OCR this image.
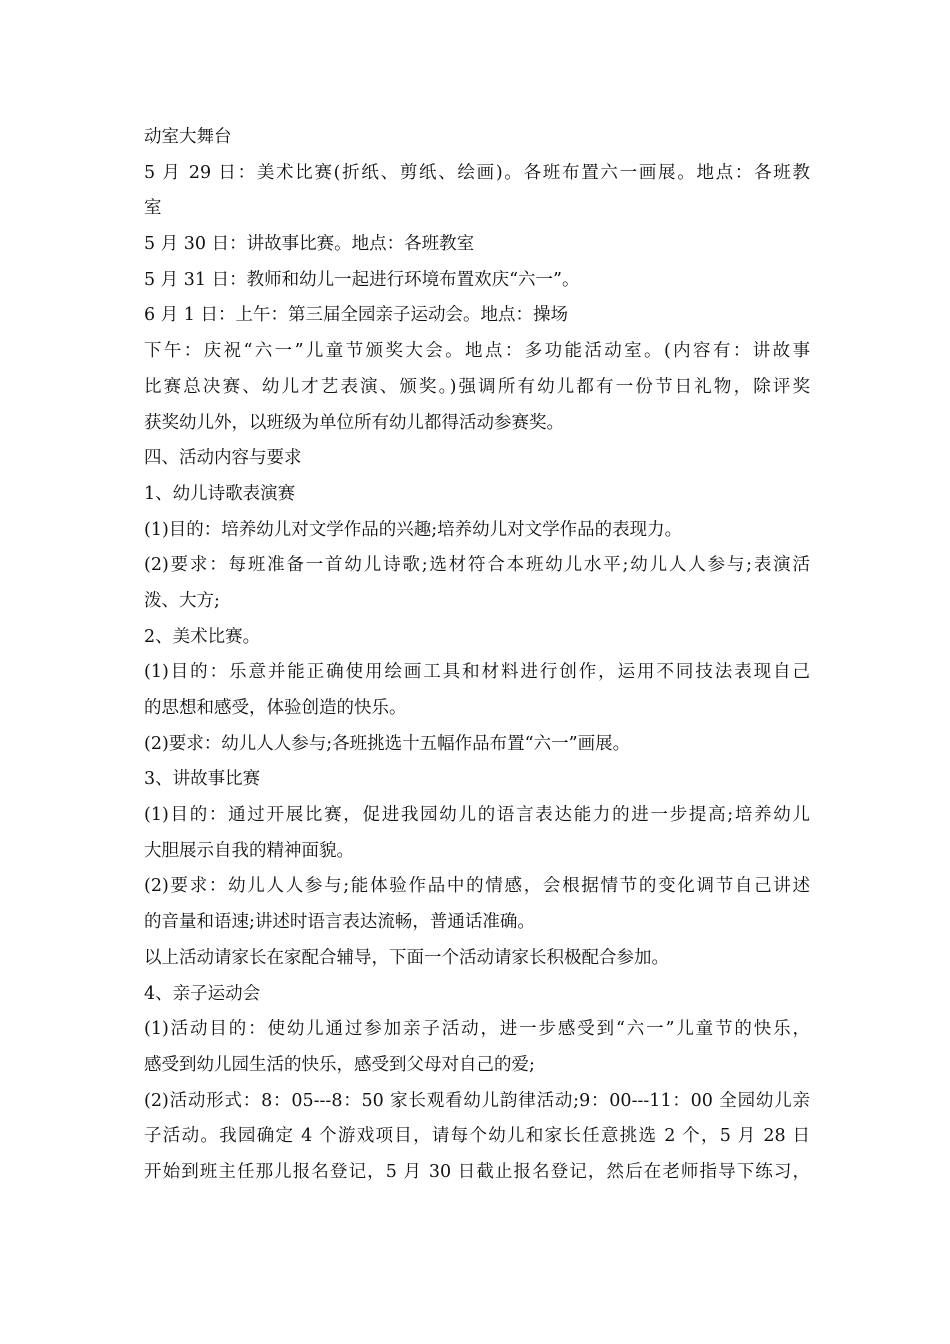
动室大舞台
5 月 29 日：美术比赛(折纸、剪纸、绘画)。各班布置六一画展。地点：各班教
室
5 月 30 日：讲故事比赛。地点：各班教室
5 月 31 日：教师和幼儿一起进行环境布置欢庆“六一”。
6 月 1 日：上午：第三届全园亲子运动会。地点：操场
下午：庆祝“六一”儿童节颁奖大会。地点：多功能活动室。(内容有：讲故事
比赛总决赛、幼儿才艺表演、颁奖。)强调所有幼儿都有一份节日礼物，除评奖
获奖幼儿外，以班级为单位所有幼儿都得活动参赛奖。
四、活动内容与要求
1、幼儿诗歌表演赛
(1)目的：培养幼儿对文学作品的兴趣;培养幼儿对文学作品的表现力。
(2)要求：每班准备一首幼儿诗歌;选材符合本班幼儿水平;幼儿人人参与;表演活
泼、大方;
2、美术比赛。
(1)目的：乐意并能正确使用绘画工具和材料进行创作，运用不同技法表现自己
的思想和感受，体验创造的快乐。
(2)要求：幼儿人人参与;各班挑选十五幅作品布置“六一”画展。
3、讲故事比赛
(1)目的：通过开展比赛，促进我园幼儿的语言表达能力的进一步提高;培养幼儿
大胆展示自我的精神面貌。
(2)要求：幼儿人人参与;能体验作品中的情感，会根据情节的变化调节自己讲述
的音量和语速;讲述时语言表达流畅，普通话准确。
以上活动请家长在家配合辅导，下面一个活动请家长积极配合参加。
4、亲子运动会
(1)活动目的：使幼儿通过参加亲子活动，进一步感受到“六一”儿童节的快乐，
感受到幼儿园生活的快乐，感受到父母对自己的爱;
(2)活动形式：8：05---8：50 家长观看幼儿韵律活动;9：00---11：00 全园幼儿亲
子活动。我园确定 4 个游戏项目，请每个幼儿和家长任意挑选 2 个，5 月 28 日
开始到班主任那儿报名登记，5 月 30 日截止报名登记，然后在老师指导下练习，
